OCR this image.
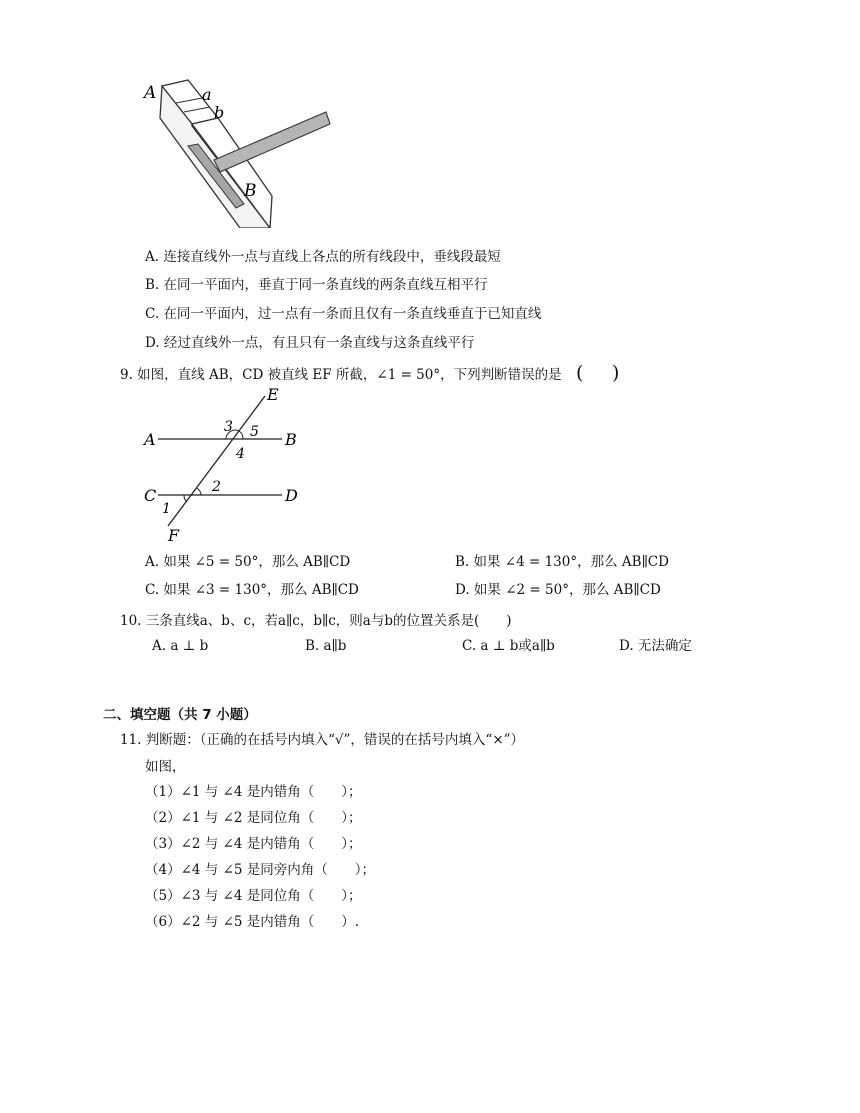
A	a
b
B
A. 连接直线外一点与直线上各点的所有线段中，垂线段最短
B. 在同一平面内，垂直于同一条直线的两条直线互相平行
C. 在同一平面内，过一点有一条而且仅有一条直线垂直于已知直线
D. 经过直线外一点，有且只有一条直线与这条直线平行
9. 如图，直线 AB，CD 被直线 EF 所截，∠1 = 50°，下列判断错误的是 ( )
E
A	B
C	D
F
3 5
4
2
1
A. 如果 ∠5 = 50°，那么 AB∥CD	B. 如果 ∠4 = 130°，那么 AB∥CD
C. 如果 ∠3 = 130°，那么 AB∥CD	D. 如果 ∠2 = 50°，那么 AB∥CD
10. 三条直线a、b、c，若a∥c，b∥c，则a与b的位置关系是(　　)
A. a ⊥ b	B. a∥b	C. a ⊥ b或a∥b	D. 无法确定
二、填空题（共 7 小题）
11. 判断题：（正确的在括号内填入“√”，错误的在括号内填入“×”）
如图，
（1）∠1 与 ∠4 是内错角（　　）；
（2）∠1 与 ∠2 是同位角（　　）；
（3）∠2 与 ∠4 是内错角（　　）；
（4）∠4 与 ∠5 是同旁内角（　　）；
（5）∠3 与 ∠4 是同位角（　　）；
（6）∠2 与 ∠5 是内错角（　　）.
